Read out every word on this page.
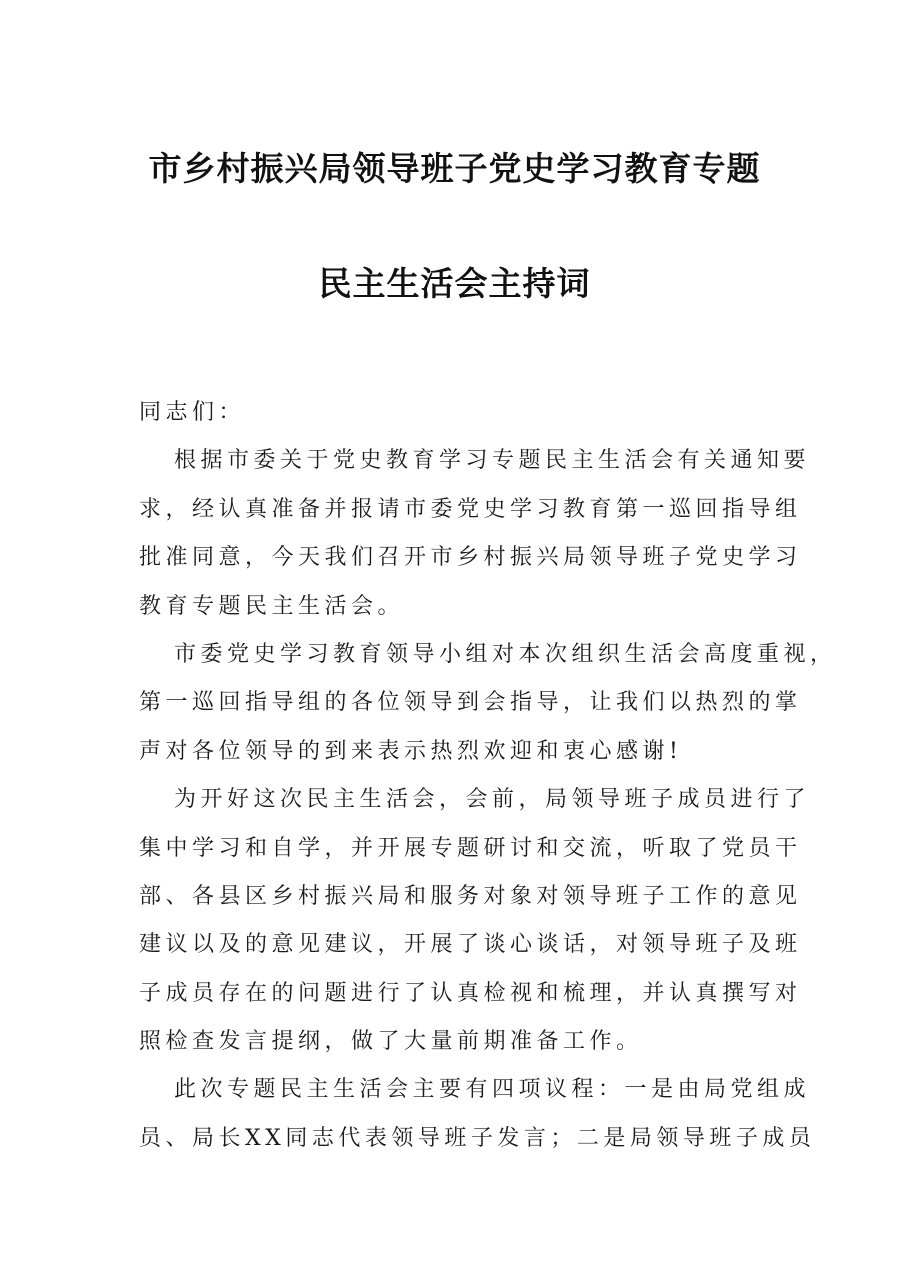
市乡村振兴局领导班子党史学习教育专题
民主生活会主持词
同志们：
根据市委关于党史教育学习专题民主生活会有关通知要
求，经认真准备并报请市委党史学习教育第一巡回指导组
批准同意，今天我们召开市乡村振兴局领导班子党史学习
教育专题民主生活会。
市委党史学习教育领导小组对本次组织生活会高度重视，
第一巡回指导组的各位领导到会指导，让我们以热烈的掌
声对各位领导的到来表示热烈欢迎和衷心感谢!
为开好这次民主生活会，会前，局领导班子成员进行了
集中学习和自学，并开展专题研讨和交流，听取了党员干
部、各县区乡村振兴局和服务对象对领导班子工作的意见
建议以及的意见建议，开展了谈心谈话，对领导班子及班
子成员存在的问题进行了认真检视和梳理，并认真撰写对
照检查发言提纲，做了大量前期准备工作。
此次专题民主生活会主要有四项议程：一是由局党组成
员、局长XX同志代表领导班子发言；二是局领导班子成员
